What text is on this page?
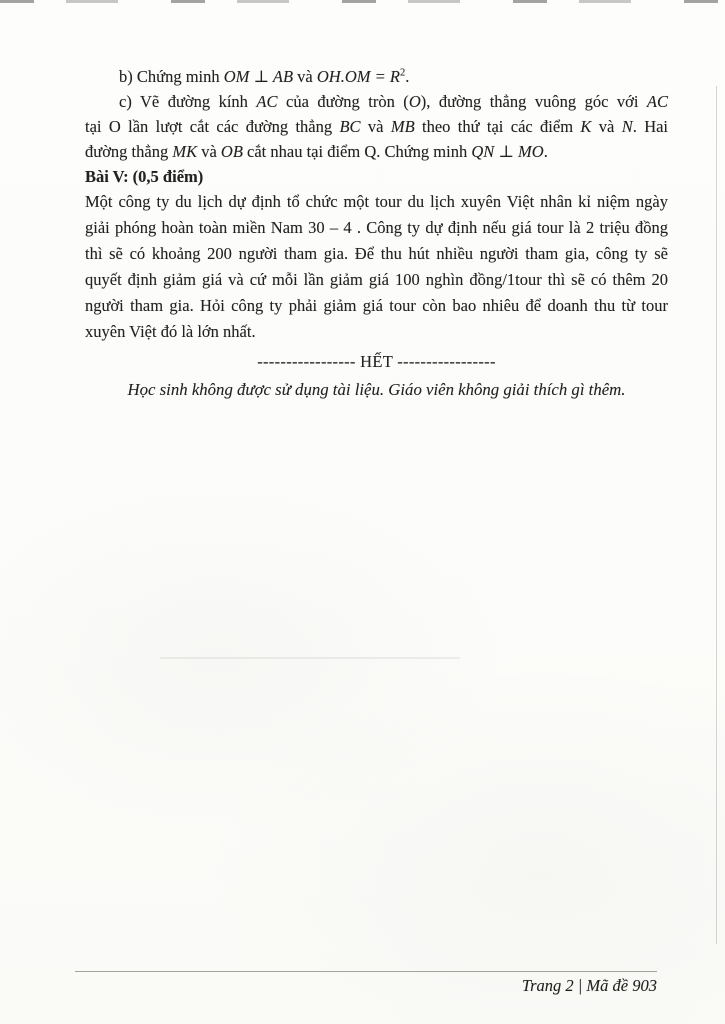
b) Chứng minh OM ⊥ AB và $OH.OM = R^2$.

c) Vẽ đường kính AC của đường tròn (O), đường thẳng vuông góc với AC

tại O lần lượt cắt các đường thẳng BC và MB theo thứ tại các điểm K và N. Hai

đường thẳng MK và OB cắt nhau tại điểm Q. Chứng minh QN ⊥ MO.

Bài V: (0,5 điểm)

Một công ty du lịch dự định tổ chức một tour du lịch xuyên Việt nhân kỉ niệm ngày

giải phóng hoàn toàn miền Nam 30 – 4 . Công ty dự định nếu giá tour là 2 triệu đồng

thì sẽ có khoảng 200 người tham gia. Để thu hút nhiều người tham gia, công ty sẽ

quyết định giảm giá và cứ mỗi lần giảm giá 100 nghìn đồng/1tour thì sẽ có thêm 20

người tham gia. Hỏi công ty phải giảm giá tour còn bao nhiêu để doanh thu từ tour

xuyên Việt đó là lớn nhất.

----------------- HẾT -----------------

Học sinh không được sử dụng tài liệu. Giáo viên không giải thích gì thêm.

Trang 2 | Mã đề 903
